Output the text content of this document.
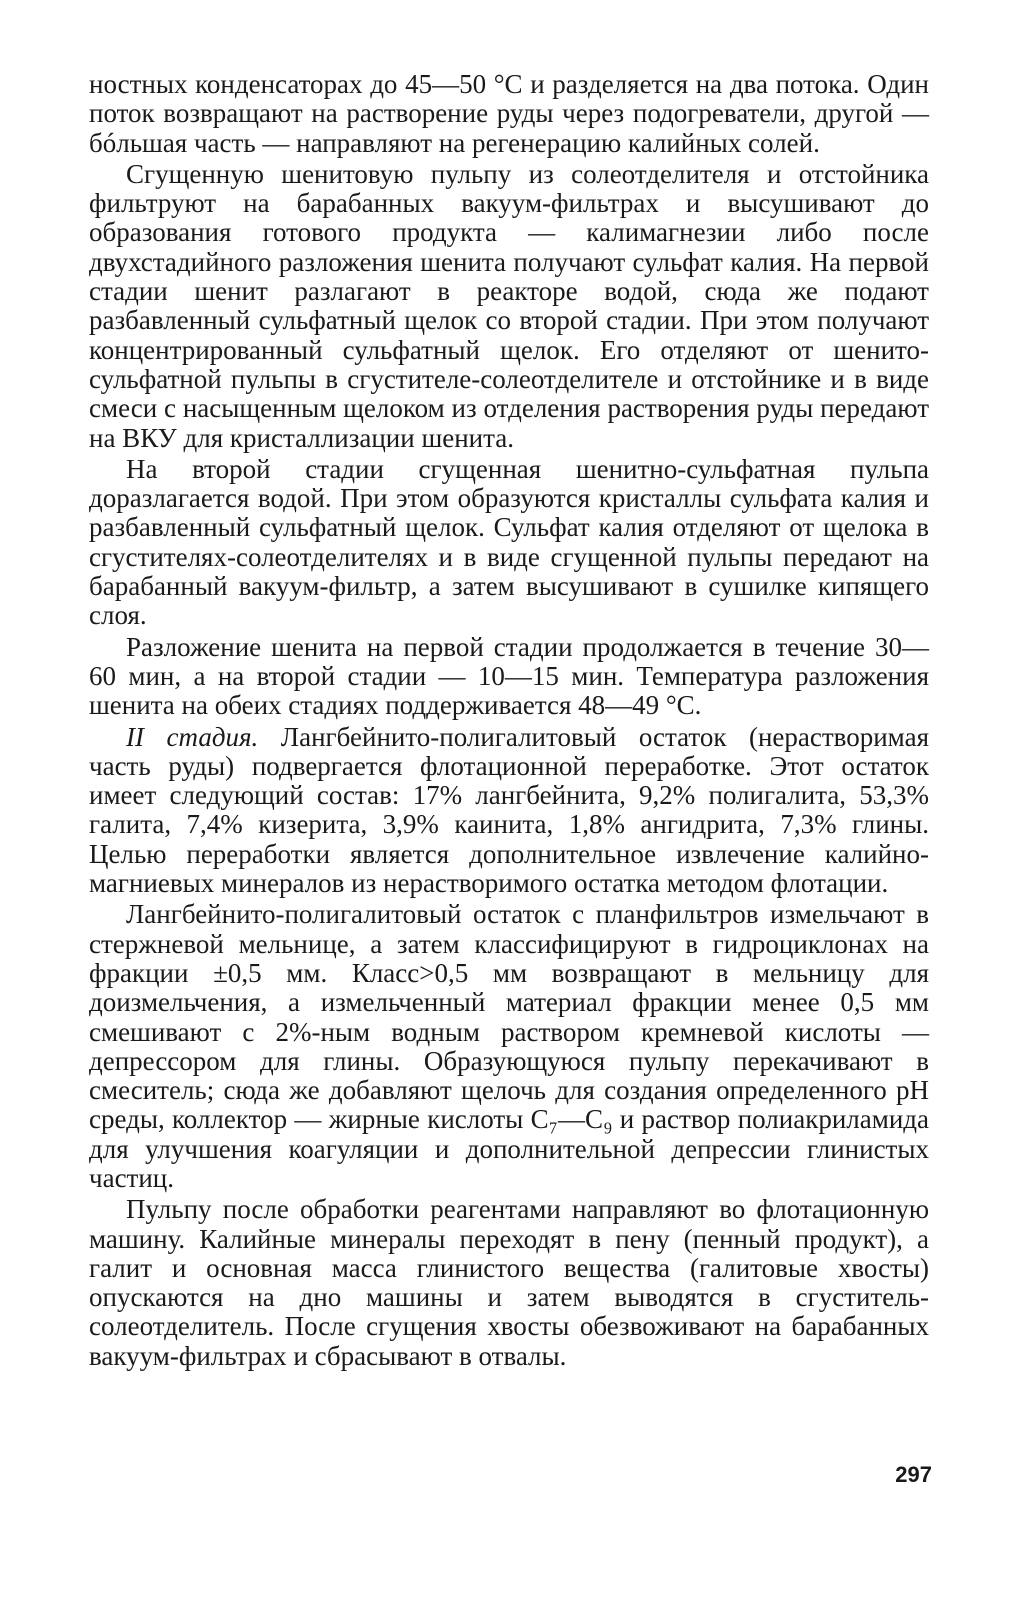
ностных конденсаторах до 45—50 °C и разделяется на два потока. Один поток возвращают на растворение руды через подогреватели, другой — бóльшая часть — направляют на регенерацию калийных солей.

Сгущенную шенитовую пульпу из солеотделителя и отстойника фильтруют на барабанных вакуум-фильтрах и высушивают до образования готового продукта — калимагнезии либо после двухстадийного разложения шенита получают сульфат калия. На первой стадии шенит разлагают в реакторе водой, сюда же подают разбавленный сульфатный щелок со второй стадии. При этом получают концентрированный сульфатный щелок. Его отделяют от шенито-сульфатной пульпы в сгустителе-солеотделителе и отстойнике и в виде смеси с насыщенным щелоком из отделения растворения руды передают на ВКУ для кристаллизации шенита.

На второй стадии сгущенная шенитно-сульфатная пульпа доразлагается водой. При этом образуются кристаллы сульфата калия и разбавленный сульфатный щелок. Сульфат калия отделяют от щелока в сгустителях-солеотделителях и в виде сгущенной пульпы передают на барабанный вакуум-фильтр, а затем высушивают в сушилке кипящего слоя.

Разложение шенита на первой стадии продолжается в течение 30—60 мин, а на второй стадии — 10—15 мин. Температура разложения шенита на обеих стадиях поддерживается 48—49 °C.

II стадия. Лангбейнито-полигалитовый остаток (нерастворимая часть руды) подвергается флотационной переработке. Этот остаток имеет следующий состав: 17% лангбейнита, 9,2% полигалита, 53,3% галита, 7,4% кизерита, 3,9% каинита, 1,8% ангидрита, 7,3% глины. Целью переработки является дополнительное извлечение калийно-магниевых минералов из нерастворимого остатка методом флотации.

Лангбейнито-полигалитовый остаток с планфильтров измельчают в стержневой мельнице, а затем классифицируют в гидроциклонах на фракции ±0,5 мм. Класс>0,5 мм возвращают в мельницу для доизмельчения, а измельченный материал фракции менее 0,5 мм смешивают с 2%-ным водным раствором кремневой кислоты — депрессором для глины. Образующуюся пульпу перекачивают в смеситель; сюда же добавляют щелочь для создания определенного pH среды, коллектор — жирные кислоты C₇—C₉ и раствор полиакриламида для улучшения коагуляции и дополнительной депрессии глинистых частиц.

Пульпу после обработки реагентами направляют во флотационную машину. Калийные минералы переходят в пену (пенный продукт), а галит и основная масса глинистого вещества (галитовые хвосты) опускаются на дно машины и затем выводятся в сгуститель-солеотделитель. После сгущения хвосты обезвоживают на барабанных вакуум-фильтрах и сбрасывают в отвалы.

297
